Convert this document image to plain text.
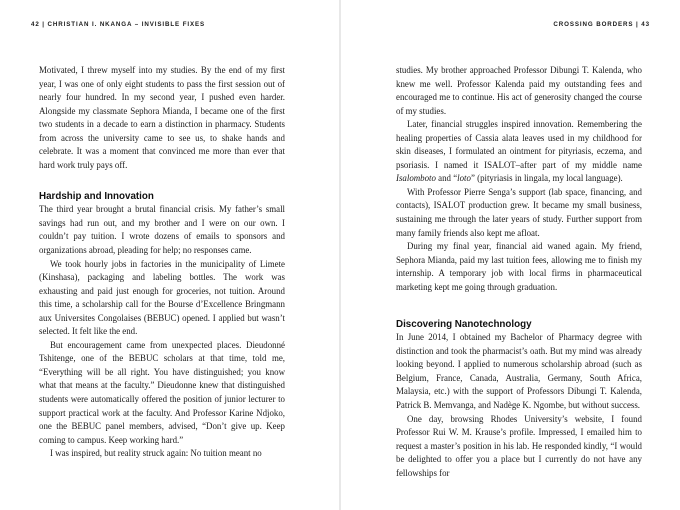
42 | CHRISTIAN I. NKANGA – INVISIBLE FIXES

Motivated, I threw myself into my studies. By the end of my first year, I was one of only eight students to pass the first session out of nearly four hundred. In my second year, I pushed even harder. Alongside my classmate Sephora Mianda, I became one of the first two students in a decade to earn a distinction in pharmacy. Students from across the university came to see us, to shake hands and celebrate. It was a moment that convinced me more than ever that hard work truly pays off.

Hardship and Innovation

The third year brought a brutal financial crisis. My father’s small savings had run out, and my brother and I were on our own. I couldn’t pay tuition. I wrote dozens of emails to sponsors and organizations abroad, pleading for help; no responses came.

We took hourly jobs in factories in the municipality of Limete (Kinshasa), packaging and labeling bottles. The work was exhausting and paid just enough for groceries, not tuition. Around this time, a scholarship call for the Bourse d’Excellence Bringmann aux Universites Congolaises (BEBUC) opened. I applied but wasn’t selected. It felt like the end.

But encouragement came from unexpected places. Dieudonné Tshitenge, one of the BEBUC scholars at that time, told me, “Everything will be all right. You have distinguished; you know what that means at the faculty.” Dieudonne knew that distinguished students were automatically offered the position of junior lecturer to support practical work at the faculty. And Professor Karine Ndjoko, one the BEBUC panel members, advised, “Don’t give up. Keep coming to campus. Keep working hard.”

I was inspired, but reality struck again: No tuition meant no

CROSSING BORDERS | 43

studies. My brother approached Professor Dibungi T. Kalenda, who knew me well. Professor Kalenda paid my outstanding fees and encouraged me to continue. His act of generosity changed the course of my studies.

Later, financial struggles inspired innovation. Remembering the healing properties of Cassia alata leaves used in my childhood for skin diseases, I formulated an ointment for pityriasis, eczema, and psoriasis. I named it ISALOT–after part of my middle name Isalomboto and “loto” (pityriasis in lingala, my local language).

With Professor Pierre Senga’s support (lab space, financing, and contacts), ISALOT production grew. It became my small business, sustaining me through the later years of study. Further support from many family friends also kept me afloat.

During my final year, financial aid waned again. My friend, Sephora Mianda, paid my last tuition fees, allowing me to finish my internship. A temporary job with local firms in pharmaceutical marketing kept me going through graduation.

Discovering Nanotechnology

In June 2014, I obtained my Bachelor of Pharmacy degree with distinction and took the pharmacist’s oath. But my mind was already looking beyond. I applied to numerous scholarship abroad (such as Belgium, France, Canada, Australia, Germany, South Africa, Malaysia, etc.) with the support of Professors Dibungi T. Kalenda, Patrick B. Memvanga, and Nadège K. Ngombe, but without success.

One day, browsing Rhodes University’s website, I found Professor Rui W. M. Krause’s profile. Impressed, I emailed him to request a master’s position in his lab. He responded kindly, “I would be delighted to offer you a place but I currently do not have any fellowships for
